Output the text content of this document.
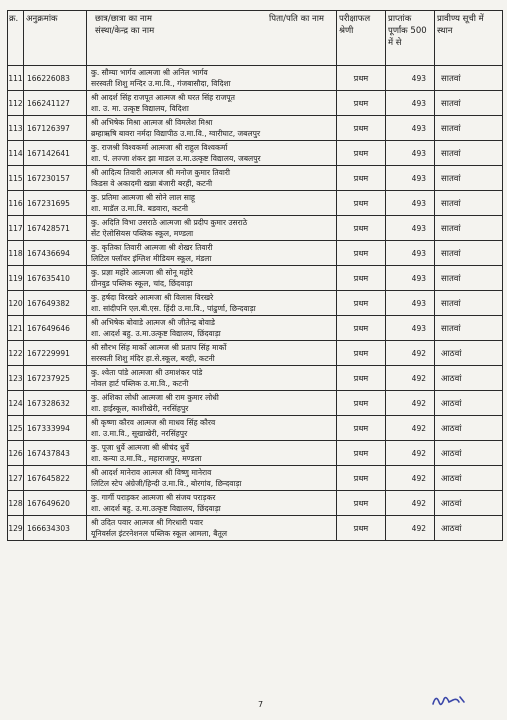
क्र.	अनुक्रमांक	छात्र/छात्रा का नाम पिता/पति का नाम
संस्था/केन्द्र का नाम	परीक्षाफल श्रेणी	प्राप्तांक पूर्णांक 500 में से	प्रावीण्य सूची में स्थान
111	166226083	कु. सौम्या भार्गव आत्मजा श्री अनिल भार्गव
सरस्वती शिशु मन्दिर उ.मा.वि., गंजबासौदा, विदिशा	प्रथम	493	सातवां
112	166241127	श्री आदर्श सिंह राजपूत आत्मज श्री घरत सिंह राजपूत
शा. उ. मा. उत्कृष्ट विद्यालय, विदिशा	प्रथम	493	सातवां
113	167126397	श्री अभिषेक मिश्रा आत्मज श्री विमलेश मिश्रा
ब्रम्हाऋषि बावरा नर्मदा विद्यापीठ उ.मा.वि., ग्वारीघाट, जबलपुर	प्रथम	493	सातवां
114	167142641	कु. राजश्री विश्वकर्मा आत्मजा श्री राहुल विश्वकर्मा
शा. पं. लज्जा शंकर झा माडल उ.मा.उत्कृष्ट विद्यालय, जबलपुर	प्रथम	493	सातवां
115	167230157	श्री आदित्य तिवारी आत्मज श्री मनोज कुमार तिवारी
किडस वे अकादमी खन्ना बंजारी बरही, कटनी	प्रथम	493	सातवां
116	167231695	कु. प्रतिमा आत्मजा श्री सोने लाल साहू
शा. माडॅल उ.मा.वि. बडवारा, कटनी	प्रथम	493	सातवां
117	167428571	कु. अदिति विभा उसराठे आत्मजा श्री प्रदीप कुमार उसराठे
सेंट ऐलोसियस पब्लिक स्कूल, मण्डला	प्रथम	493	सातवां
118	167436694	कु. कृतिका तिवारी आत्मजा श्री शेखर तिवारी
लिटिल फ्लॉवर इंग्लिश मीडियम स्कूल, मंडला	प्रथम	493	सातवां
119	167635410	कु. प्रज्ञा महोरे आत्मजा श्री सोनू महोरे
ग्रीनवुड पब्लिक स्कूल, चांद, छिंदवाड़ा	प्रथम	493	सातवां
120	167649382	कु. हर्षदा विरखरे आत्मजा श्री विलास विरखरे
शा. सांदीपनि एल.बी.एस. हिंदी उ.मा.वि., पांढुर्णा, छिन्दवाड़ा	प्रथम	493	सातवां
121	167649646	श्री अभिषेक बोवाडे आत्मज श्री जीतेन्द्र बोवाडे
शा. आदर्श बहु. उ.मा.उत्कृष्ट विद्यालय, छिंदवाड़ा	प्रथम	493	सातवां
122	167229991	श्री सौरभ सिंह मार्को आत्मज श्री प्रताप सिंह मार्को
सरस्वती शिशु मंदिर हा.से.स्कूल, बरही, कटनी	प्रथम	492	आठवां
123	167237925	कु. श्वेता पांडे आत्मजा श्री उमाशंकर पांडे
नोवल हार्ट पब्लिक उ.मा.वि., कटनी	प्रथम	492	आठवां
124	167328632	कु. अंशिका लोधी आत्मजा श्री राम कुमार लोधी
शा. हाईस्कूल, काशीखेरी, नरसिंहपुर	प्रथम	492	आठवां
125	167333994	श्री कृष्णा कौरव आत्मज श्री माधव सिंह कौरव
शा. उ.मा.वि., सूखाखेरी, नरसिंहपुर	प्रथम	492	आठवां
126	167437843	कु. पूजा धुर्वे आत्मजा श्री श्रीचंद धुर्वे
शा. कन्या उ.मा.वि., महाराजपुर, मण्डला	प्रथम	492	आठवां
127	167645822	श्री आदर्श मानेराव आत्मज श्री विष्णु मानेराव
लिटिल स्टेप अंग्रेजी/हिन्दी उ.मा.वि., बोरगांव, छिन्दवाड़ा	प्रथम	492	आठवां
128	167649620	कु. गार्गी पराड़कर आत्मजा श्री संजय पराड़कर
शा. आदर्श बहु. उ.मा.उत्कृष्ट विद्यालय, छिंदवाड़ा	प्रथम	492	आठवां
129	166634303	श्री उदित पवार आत्मज श्री गिरधारी पवार
यूनिवर्सल इंटरनेशनल पब्लिक स्कूल आमला, बैतूल	प्रथम	492	आठवां
7
